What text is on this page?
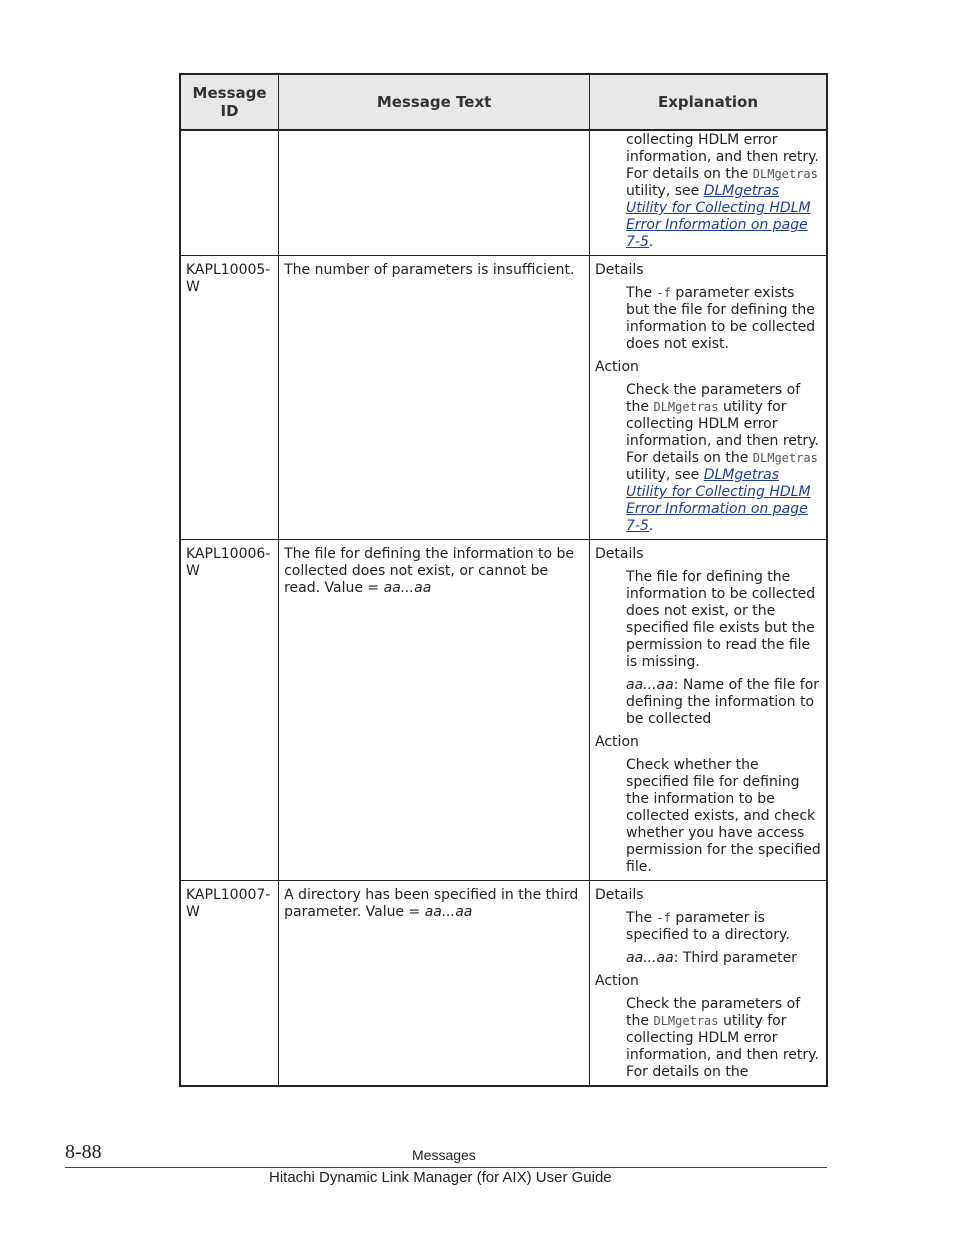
Message ID	Message Text	Explanation

		collecting HDLM error information, and then retry. For details on the DLMgetras utility, see DLMgetras Utility for Collecting HDLM Error Information on page 7-5.

KAPL10005-W	The number of parameters is insufficient.	Details
The -f parameter exists but the file for defining the information to be collected does not exist.
Action
Check the parameters of the DLMgetras utility for collecting HDLM error information, and then retry. For details on the DLMgetras utility, see DLMgetras Utility for Collecting HDLM Error Information on page 7-5.

KAPL10006-W	The file for defining the information to be collected does not exist, or cannot be read. Value = aa...aa	Details
The file for defining the information to be collected does not exist, or the specified file exists but the permission to read the file is missing.
aa...aa: Name of the file for defining the information to be collected
Action
Check whether the specified file for defining the information to be collected exists, and check whether you have access permission for the specified file.

KAPL10007-W	A directory has been specified in the third parameter. Value = aa...aa	Details
The -f parameter is specified to a directory.
aa...aa: Third parameter
Action
Check the parameters of the DLMgetras utility for collecting HDLM error information, and then retry. For details on the
8-88	Messages
Hitachi Dynamic Link Manager (for AIX) User Guide
